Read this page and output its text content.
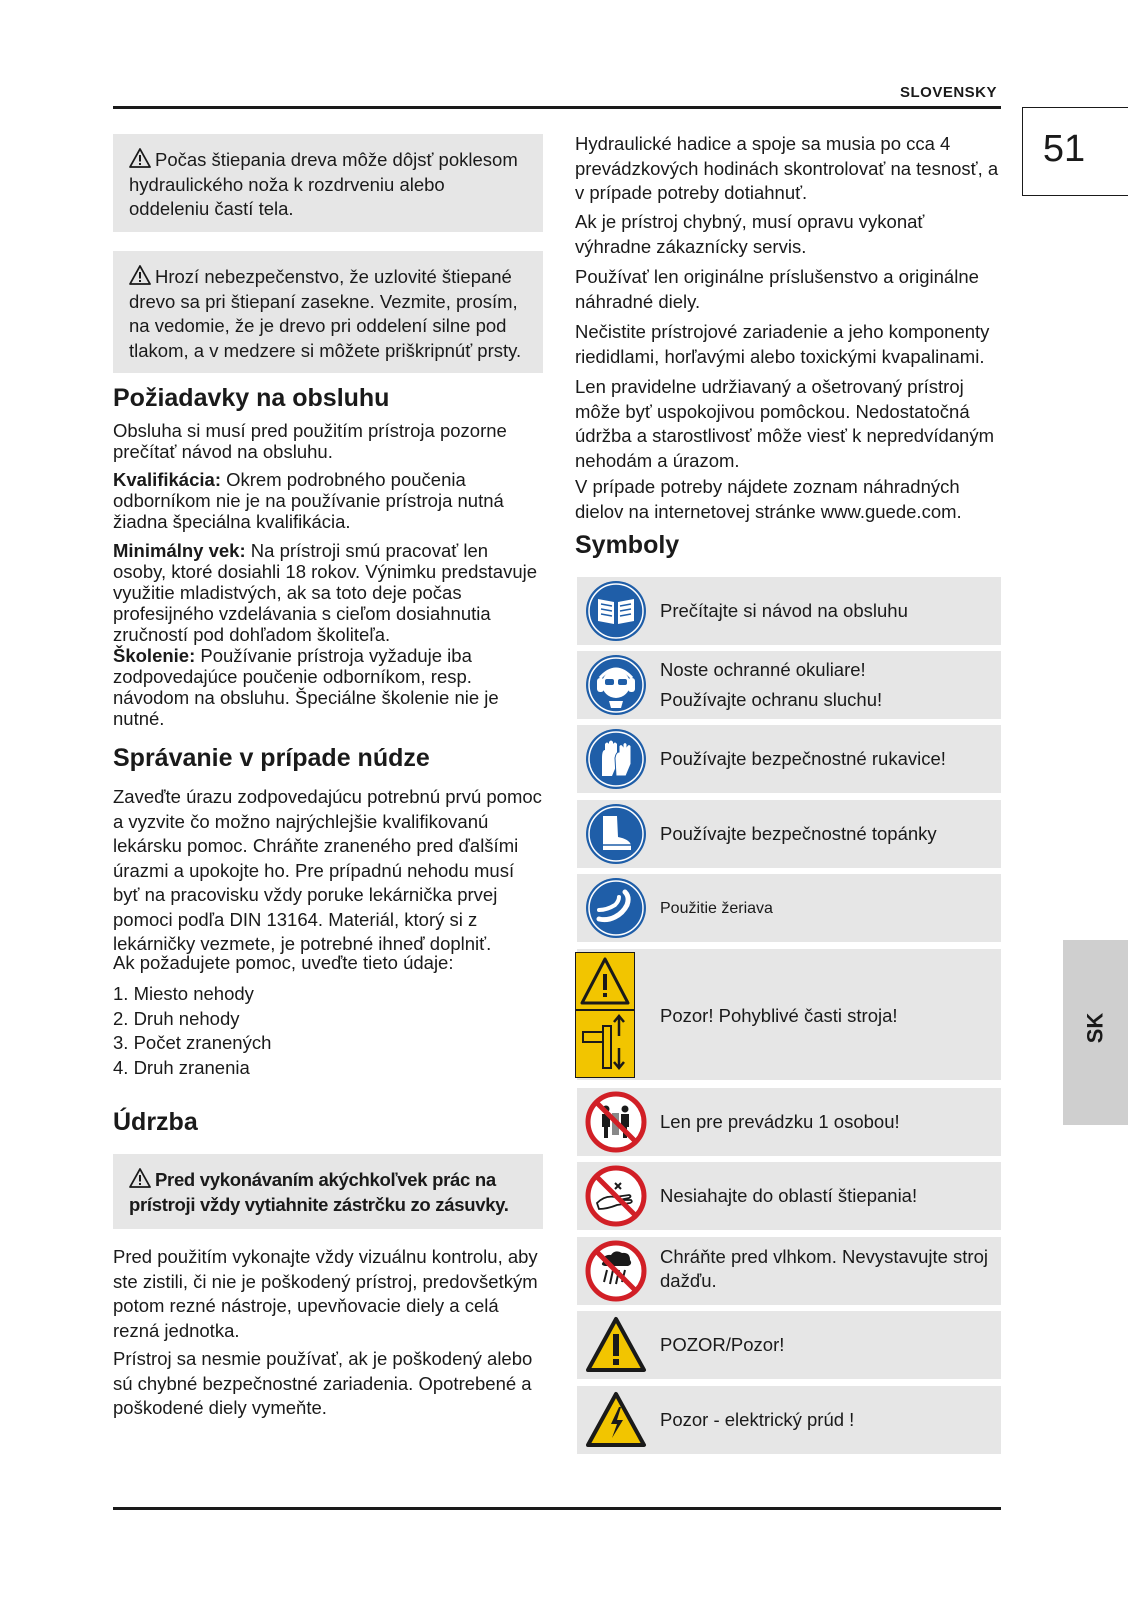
SLOVENSKY
51
SK
Počas štiepania dreva môže dôjsť poklesom hydraulického noža k rozdrveniu alebo oddeleniu častí tela.
Hrozí nebezpečenstvo, že uzlovité štiepané drevo sa pri štiepaní zasekne. Vezmite, prosím, na vedomie, že je drevo pri oddelení silne pod tlakom, a v medzere si môžete priškripnúť prsty.
Požiadavky na obsluhu
Obsluha si musí pred použitím prístroja pozorne prečítať návod na obsluhu.
Kvalifikácia: Okrem podrobného poučenia odborníkom nie je na používanie prístroja nutná žiadna špeciálna kvalifikácia.
Minimálny vek: Na prístroji smú pracovať len osoby, ktoré dosiahli 18 rokov. Výnimku predstavuje využitie mladistvých, ak sa toto deje počas profesijného vzdelávania s cieľom dosiahnutia zručností pod dohľadom školiteľa.
Školenie: Používanie prístroja vyžaduje iba zodpovedajúce poučenie odborníkom, resp. návodom na obsluhu. Špeciálne školenie nie je nutné.
Správanie v prípade núdze
Zaveďte úrazu zodpovedajúcu potrebnú prvú pomoc a vyzvite čo možno najrýchlejšie kvalifikovanú lekársku pomoc. Chráňte zraneného pred ďalšími úrazmi a upokojte ho. Pre prípadnú nehodu musí byť na pracovisku vždy poruke lekárnička prvej pomoci podľa DIN 13164. Materiál, ktorý si z lekárničky vezmete, je potrebné ihneď doplniť.
Ak požadujete pomoc, uveďte tieto údaje:
1. Miesto nehody
2. Druh nehody
3. Počet zranených
4. Druh zranenia
Údrzba
Pred vykonávaním akýchkoľvek prác na prístroji vždy vytiahnite zástrčku zo zásuvky.
Pred použitím vykonajte vždy vizuálnu kontrolu, aby ste zistili, či nie je poškodený prístroj, predovšetkým potom rezné nástroje, upevňovacie diely a celá rezná jednotka.
Prístroj sa nesmie používať, ak je poškodený alebo sú chybné bezpečnostné zariadenia. Opotrebené a poškodené diely vymeňte.
Hydraulické hadice a spoje sa musia po cca 4 prevádzkových hodinách skontrolovať na tesnosť, a v prípade potreby dotiahnuť.
Ak je prístroj chybný, musí opravu vykonať výhradne zákaznícky servis.
Používať len originálne príslušenstvo a originálne náhradné diely.
Nečistite prístrojové zariadenie a jeho komponenty riedidlami, horľavými alebo toxickými kvapalinami.
Len pravidelne udržiavaný a ošetrovaný prístroj môže byť uspokojivou pomôckou. Nedostatočná údržba a starostlivosť môže viesť k nepredvídaným nehodám a úrazom.
V prípade potreby nájdete zoznam náhradných dielov na internetovej stránke www.guede.com.
Symboly
Prečítajte si návod na obsluhu
Noste ochranné okuliare!
Používajte ochranu sluchu!
Používajte bezpečnostné rukavice!
Používajte bezpečnostné topánky
Použitie žeriava
Pozor! Pohyblivé časti stroja!
Len pre prevádzku 1 osobou!
Nesiahajte do oblastí štiepania!
Chráňte pred vlhkom. Nevystavujte stroj dažďu.
POZOR/Pozor!
Pozor - elektrický prúd !
